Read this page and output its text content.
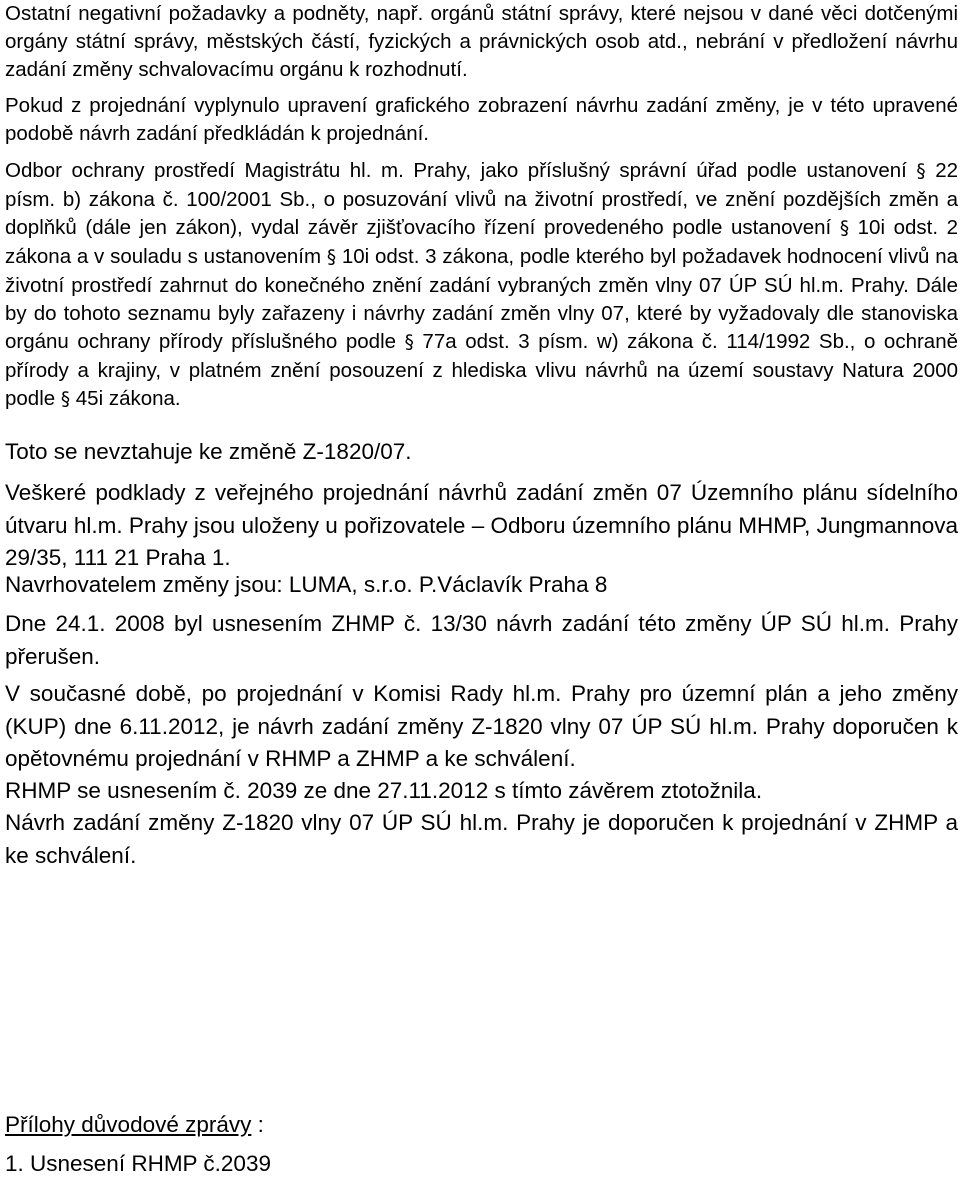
Ostatní negativní požadavky a podněty, např. orgánů státní správy, které nejsou v dané věci dotčenými orgány státní správy, městských částí, fyzických a právnických osob atd., nebrání v předložení návrhu zadání změny schvalovacímu orgánu k rozhodnutí.

Pokud z projednání vyplynulo upravení grafického zobrazení návrhu zadání změny, je v této upravené podobě návrh zadání předkládán k projednání.

Odbor ochrany prostředí Magistrátu hl. m. Prahy, jako příslušný správní úřad podle ustanovení § 22 písm. b) zákona č. 100/2001 Sb., o posuzování vlivů na životní prostředí, ve znění pozdějších změn a doplňků (dále jen zákon), vydal závěr zjišťovacího řízení provedeného podle ustanovení § 10i odst. 2 zákona a v souladu s ustanovením § 10i odst. 3 zákona, podle kterého byl požadavek hodnocení vlivů na životní prostředí zahrnut do konečného znění zadání vybraných změn vlny 07 ÚP SÚ hl.m. Prahy. Dále by do tohoto seznamu byly zařazeny i návrhy zadání změn vlny 07, které by vyžadovaly dle stanoviska orgánu ochrany přírody příslušného podle § 77a odst. 3 písm. w) zákona č. 114/1992 Sb., o ochraně přírody a krajiny, v platném znění posouzení z hlediska vlivu návrhů na území soustavy Natura 2000 podle § 45i zákona.

Toto se nevztahuje ke změně Z-1820/07.

Veškeré podklady z veřejného projednání návrhů zadání změn 07 Územního plánu sídelního útvaru hl.m. Prahy jsou uloženy u pořizovatele – Odboru územního plánu MHMP, Jungmannova 29/35, 111 21 Praha 1.

Navrhovatelem změny jsou: LUMA, s.r.o. P.Václavík Praha 8

Dne 24.1. 2008 byl usnesením ZHMP č. 13/30 návrh zadání této změny ÚP SÚ hl.m. Prahy přerušen.

V současné době, po projednání v Komisi Rady hl.m. Prahy pro územní plán a jeho změny (KUP) dne 6.11.2012, je návrh zadání změny Z-1820 vlny 07 ÚP SÚ hl.m. Prahy doporučen k opětovnému projednání v RHMP a ZHMP a ke schválení.

RHMP se usnesením č. 2039 ze dne 27.11.2012 s tímto závěrem ztotožnila.

Návrh zadání změny Z-1820 vlny 07 ÚP SÚ hl.m. Prahy je doporučen k projednání v ZHMP a ke schválení.

Přílohy důvodové zprávy :

1. Usnesení RHMP č.2039
